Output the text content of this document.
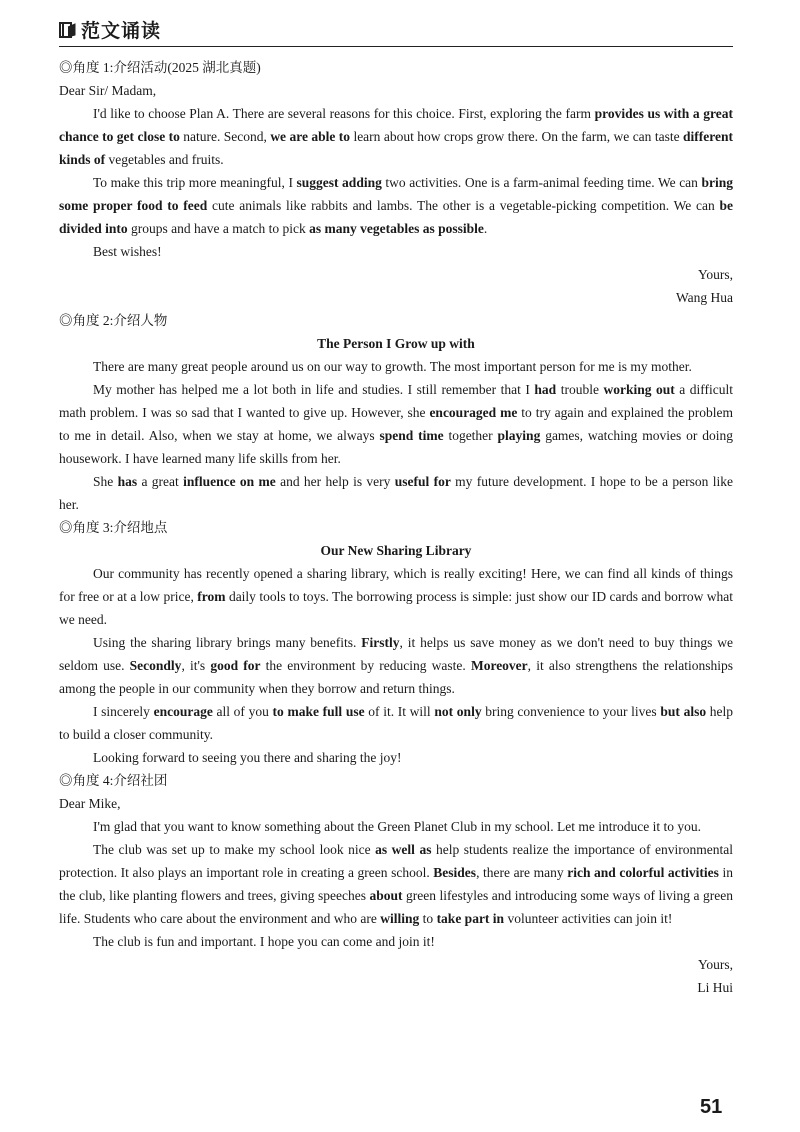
范文诵读

◎角度 1:介绍活动(2025 湖北真题)

Dear Sir/ Madam,

I'd like to choose Plan A. There are several reasons for this choice. First, exploring the farm provides us with a great chance to get close to nature. Second, we are able to learn about how crops grow there. On the farm, we can taste different kinds of vegetables and fruits.

To make this trip more meaningful, I suggest adding two activities. One is a farm-animal feeding time. We can bring some proper food to feed cute animals like rabbits and lambs. The other is a vegetable-picking competition. We can be divided into groups and have a match to pick as many vegetables as possible.

Best wishes!

Yours,

Wang Hua

◎角度 2:介绍人物

The Person I Grow up with

There are many great people around us on our way to growth. The most important person for me is my mother.

My mother has helped me a lot both in life and studies. I still remember that I had trouble working out a difficult math problem. I was so sad that I wanted to give up. However, she encouraged me to try again and explained the problem to me in detail. Also, when we stay at home, we always spend time together playing games, watching movies or doing housework. I have learned many life skills from her.

She has a great influence on me and her help is very useful for my future development. I hope to be a person like her.

◎角度 3:介绍地点

Our New Sharing Library

Our community has recently opened a sharing library, which is really exciting! Here, we can find all kinds of things for free or at a low price, from daily tools to toys. The borrowing process is simple: just show our ID cards and borrow what we need.

Using the sharing library brings many benefits. Firstly, it helps us save money as we don't need to buy things we seldom use. Secondly, it's good for the environment by reducing waste. Moreover, it also strengthens the relationships among the people in our community when they borrow and return things.

I sincerely encourage all of you to make full use of it. It will not only bring convenience to your lives but also help to build a closer community.

Looking forward to seeing you there and sharing the joy!

◎角度 4:介绍社团

Dear Mike,

I'm glad that you want to know something about the Green Planet Club in my school. Let me introduce it to you.

The club was set up to make my school look nice as well as help students realize the importance of environmental protection. It also plays an important role in creating a green school. Besides, there are many rich and colorful activities in the club, like planting flowers and trees, giving speeches about green lifestyles and introducing some ways of living a green life. Students who care about the environment and who are willing to take part in volunteer activities can join it!

The club is fun and important. I hope you can come and join it!

Yours,

Li Hui

51
